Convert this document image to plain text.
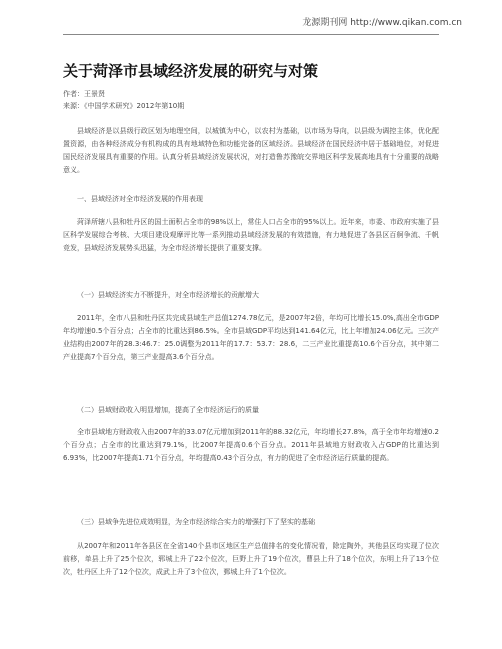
龙源期刊网 http://www.qikan.com.cn
关于菏泽市县域经济发展的研究与对策
作者：王景贤
来源：《中国学术研究》2012年第10期

县域经济是以县级行政区划为地理空间，以城镇为中心，以农村为基础，以市场为导向，以县级为调控主体，优化配置资源，由各种经济成分有机构成的具有地域特色和功能完备的区域经济。县域经济在国民经济中居于基础地位，对促进国民经济发展具有重要的作用。认真分析县域经济发展状况，对打造鲁苏豫皖交界地区科学发展高地具有十分重要的战略意义。

一、县域经济对全市经济发展的作用表现

菏泽所辖八县和牡丹区的国土面积占全市的98%以上，常住人口占全市的95%以上。近年来，市委、市政府实施了县区科学发展综合考核、大项目建设观摩评比等一系列推动县域经济发展的有效措施，有力地促进了各县区百舸争流、千帆竞发，县域经济发展势头迅猛，为全市经济增长提供了重要支撑。

（一）县域经济实力不断提升，对全市经济增长的贡献增大

2011年，全市八县和牡丹区共完成县域生产总值1274.78亿元，是2007年2倍，年均可比增长15.0%,高出全市GDP年均增速0.5个百分点；占全市的比重达到86.5%。全市县域GDP平均达到141.64亿元，比上年增加24.06亿元。三次产业结构由2007年的28.3:46.7：25.0调整为2011年的17.7：53.7：28.6，二三产业比重提高10.6个百分点，其中第二产业提高7个百分点，第三产业提高3.6个百分点。

（二）县域财政收入明显增加，提高了全市经济运行的质量

全市县域地方财政收入由2007年的33.07亿元增加到2011年的88.32亿元，年均增长27.8%，高于全市年均增速0.2个百分点；占全市的比重达到79.1%，比2007年提高0.6个百分点。2011年县域地方财政收入占GDP的比重达到6.93%，比2007年提高1.71个百分点，年均提高0.43个百分点，有力的促进了全市经济运行质量的提高。

（三）县域争先进位成效明显，为全市经济综合实力的增强打下了坚实的基础

从2007年和2011年各县区在全省140个县市区地区生产总值排名的变化情况看，除定陶外，其他县区均实现了位次前移，单县上升了25个位次，郓城上升了22个位次，巨野上升了19个位次，曹县上升了18个位次，东明上升了13个位次，牡丹区上升了12个位次，成武上升了3个位次，鄄城上升了1个位次。
